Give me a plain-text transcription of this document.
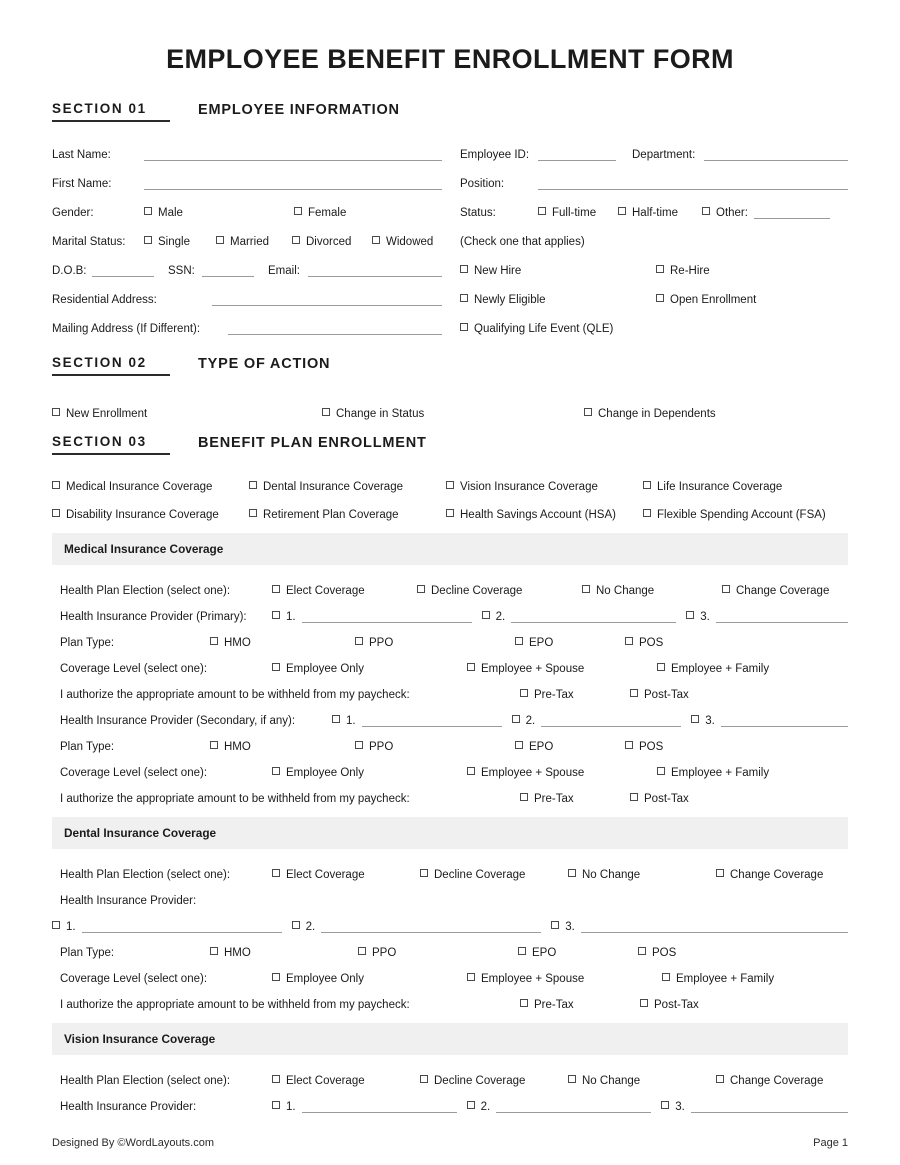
EMPLOYEE BENEFIT ENROLLMENT FORM
SECTION 01	EMPLOYEE INFORMATION
Last Name:
First Name:
Gender:	Male	Female
Marital Status:	Single	Married	Divorced	Widowed
D.O.B:	SSN:	Email:
Residential Address:
Mailing Address (If Different):
Employee ID:	Department:
Position:
Status:	Full-time	Half-time	Other:
(Check one that applies)
New Hire	Re-Hire
Newly Eligible	Open Enrollment
Qualifying Life Event (QLE)
SECTION 02	TYPE OF ACTION
New Enrollment	Change in Status	Change in Dependents
SECTION 03	BENEFIT PLAN ENROLLMENT
Medical Insurance Coverage	Dental Insurance Coverage	Vision Insurance Coverage	Life Insurance Coverage
Disability Insurance Coverage	Retirement Plan Coverage	Health Savings Account (HSA)	Flexible Spending Account (FSA)
Medical Insurance Coverage
Health Plan Election (select one):	Elect Coverage	Decline Coverage	No Change	Change Coverage
Health Insurance Provider (Primary):	1.	2.	3.
Plan Type:	HMO	PPO	EPO	POS
Coverage Level (select one):	Employee Only	Employee + Spouse	Employee + Family
I authorize the appropriate amount to be withheld from my paycheck:	Pre-Tax	Post-Tax
Health Insurance Provider (Secondary, if any):	1.	2.	3.
Plan Type:	HMO	PPO	EPO	POS
Coverage Level (select one):	Employee Only	Employee + Spouse	Employee + Family
I authorize the appropriate amount to be withheld from my paycheck:	Pre-Tax	Post-Tax
Dental Insurance Coverage
Health Plan Election (select one):	Elect Coverage	Decline Coverage	No Change	Change Coverage
Health Insurance Provider:
1.	2.	3.
Plan Type:	HMO	PPO	EPO	POS
Coverage Level (select one):	Employee Only	Employee + Spouse	Employee + Family
I authorize the appropriate amount to be withheld from my paycheck:	Pre-Tax	Post-Tax
Vision Insurance Coverage
Health Plan Election (select one):	Elect Coverage	Decline Coverage	No Change	Change Coverage
Health Insurance Provider:	1.	2.	3.
Designed By ©WordLayouts.com	Page 1
